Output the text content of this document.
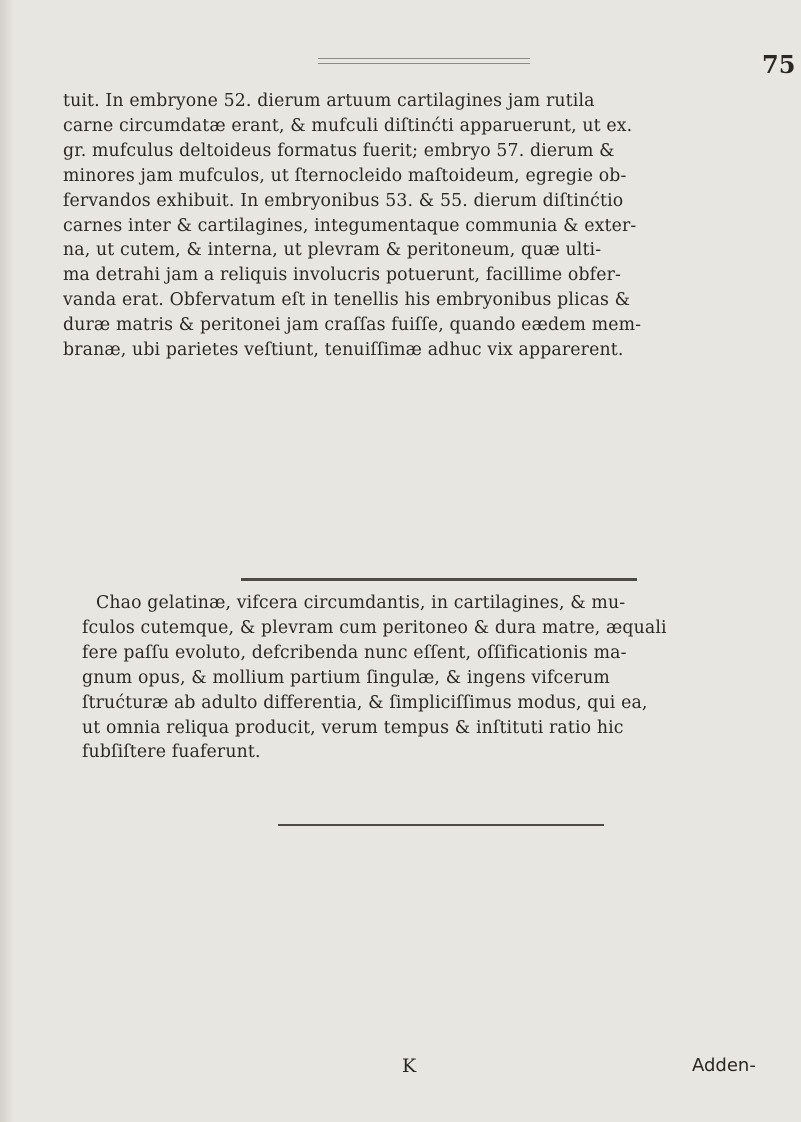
75

tuit. In embryone 52. dierum artuum cartilagines jam rutila
carne circumdatæ erant, & mufculi diſtinćti apparuerunt, ut ex.
gr. mufculus deltoideus formatus fuerit; embryo 57. dierum &
minores jam mufculos, ut ſternocleido maſtoideum, egregie ob-
fervandos exhibuit. In embryonibus 53. & 55. dierum diſtinćtio
carnes inter & cartilagines, integumentaque communia & exter-
na, ut cutem, & interna, ut plevram & peritoneum, quæ ulti-
ma detrahi jam a reliquis involucris potuerunt, facillime obfer-
vanda erat. Obfervatum eſt in tenellis his embryonibus plicas &
duræ matris & peritonei jam craſſas fuiſſe, quando eædem mem-
branæ, ubi parietes veſtiunt, tenuiſſimæ adhuc vix apparerent.

Chao gelatinæ, vifcera circumdantis, in cartilagines, & mu-
fculos cutemque, & plevram cum peritoneo & dura matre, æquali
fere paſſu evoluto, defcribenda nunc eſſent, oſſificationis ma-
gnum opus, & mollium partium ſingulæ, & ingens vifcerum
ſtrućturæ ab adulto differentia, & ſimpliciſſimus modus, qui ea,
ut omnia reliqua producit, verum tempus & inſtituti ratio hic
fubſiſtere fuaferunt.

K	Adden-
